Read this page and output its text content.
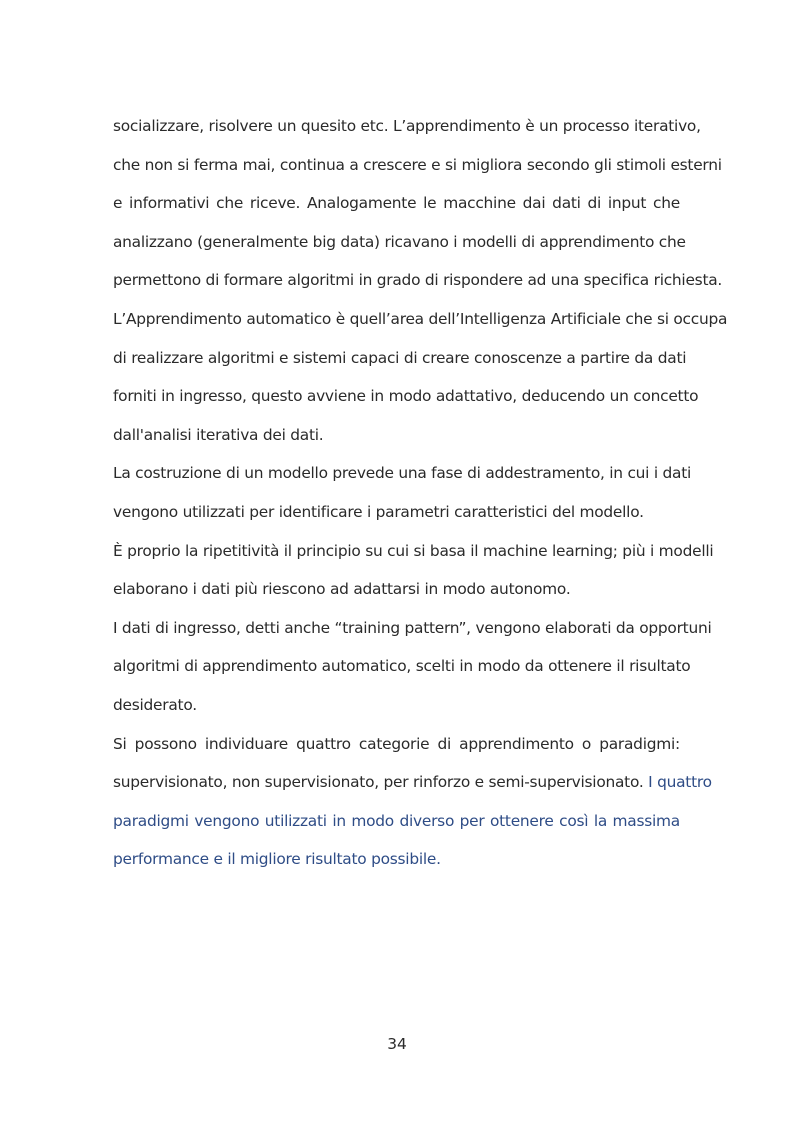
socializzare, risolvere un quesito etc. L’apprendimento è un processo iterativo,
che non si ferma mai, continua a crescere e si migliora secondo gli stimoli esterni
e informativi che riceve. Analogamente le macchine dai dati di input che
analizzano (generalmente big data) ricavano i modelli di apprendimento che
permettono di formare algoritmi in grado di rispondere ad una specifica richiesta.
L’Apprendimento automatico è quell’area dell’Intelligenza Artificiale che si occupa
di realizzare algoritmi e sistemi capaci di creare conoscenze a partire da dati
forniti in ingresso, questo avviene in modo adattativo, deducendo un concetto
dall'analisi iterativa dei dati.
La costruzione di un modello prevede una fase di addestramento, in cui i dati
vengono utilizzati per identificare i parametri caratteristici del modello.
È proprio la ripetitività il principio su cui si basa il machine learning; più i modelli
elaborano i dati più riescono ad adattarsi in modo autonomo.
I dati di ingresso, detti anche “training pattern”, vengono elaborati da opportuni
algoritmi di apprendimento automatico, scelti in modo da ottenere il risultato
desiderato.
Si possono individuare quattro categorie di apprendimento o paradigmi:
supervisionato, non supervisionato, per rinforzo e semi-supervisionato. I quattro
paradigmi vengono utilizzati in modo diverso per ottenere così la massima
performance e il migliore risultato possibile.
34
